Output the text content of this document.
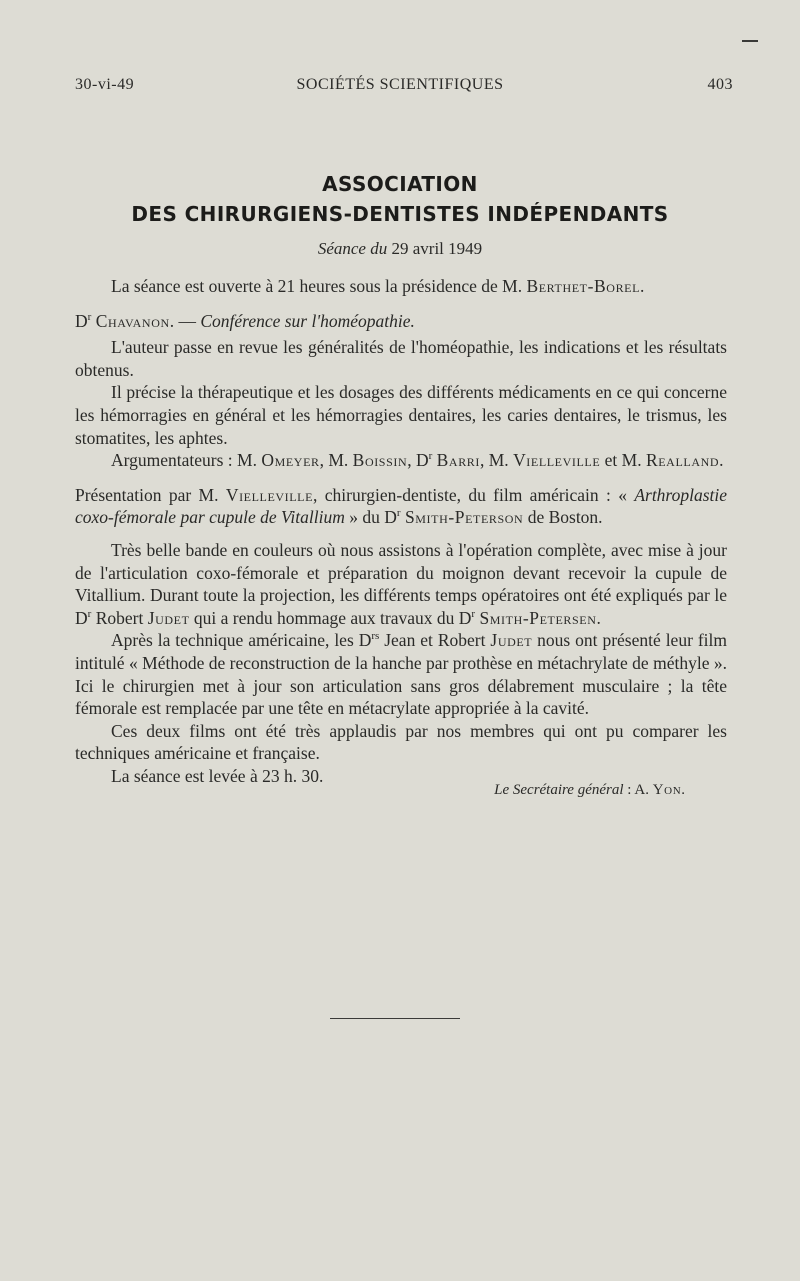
30-vi-49	SOCIÉTÉS SCIENTIFIQUES	403
ASSOCIATION
DES CHIRURGIENS-DENTISTES INDÉPENDANTS
Séance du 29 avril 1949

La séance est ouverte à 21 heures sous la présidence de M. Berthet-Borel.

$D^r$ Chavanon. — Conférence sur l'homéopathie.

L'auteur passe en revue les généralités de l'homéopathie, les indications et les résultats obtenus.

Il précise la thérapeutique et les dosages des différents médicaments en ce qui concerne les hémorragies en général et les hémorragies dentaires, les caries dentaires, le trismus, les stomatites, les aphtes.

Argumentateurs : M. Omeyer, M. Boissin, $D^r$ Barri, M. Vielleville et M. Realland.

Présentation par M. Vielleville, chirurgien-dentiste, du film américain : « Arthroplastie coxo-fémorale par cupule de Vitallium » du $D^r$ Smith-Peterson de Boston.

Très belle bande en couleurs où nous assistons à l'opération complète, avec mise à jour de l'articulation coxo-fémorale et préparation du moignon devant recevoir la cupule de Vitallium. Durant toute la projection, les différents temps opératoires ont été expliqués par le $D^r$ Robert Judet qui a rendu hommage aux travaux du $D^r$ Smith-Petersen.

Après la technique américaine, les $D^{rs}$ Jean et Robert Judet nous ont présenté leur film intitulé « Méthode de reconstruction de la hanche par prothèse en métachrylate de méthyle ». Ici le chirurgien met à jour son articulation sans gros délabrement musculaire ; la tête fémorale est remplacée par une tête en métacrylate appropriée à la cavité.

Ces deux films ont été très applaudis par nos membres qui ont pu comparer les techniques américaine et française.

La séance est levée à 23 h. 30.

Le Secrétaire général : A. Yon.
